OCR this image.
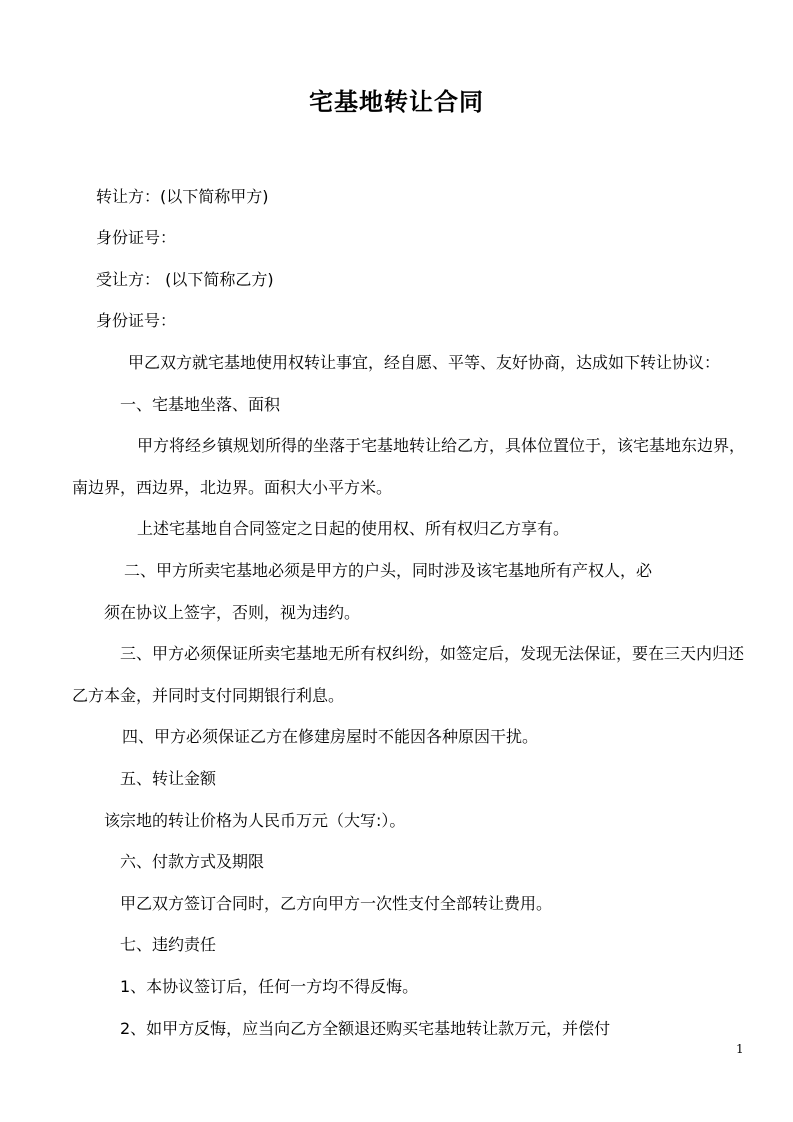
宅基地转让合同
转让方：(以下简称甲方)
身份证号：
受让方： (以下简称乙方)
身份证号：
甲乙双方就宅基地使用权转让事宜，经自愿、平等、友好协商，达成如下转让协议：
一、宅基地坐落、面积
甲方将经乡镇规划所得的坐落于宅基地转让给乙方，具体位置位于，该宅基地东边界，
南边界，西边界，北边界。面积大小平方米。
上述宅基地自合同签定之日起的使用权、所有权归乙方享有。
二、甲方所卖宅基地必须是甲方的户头，同时涉及该宅基地所有产权人，必
须在协议上签字，否则，视为违约。
三、甲方必须保证所卖宅基地无所有权纠纷，如签定后，发现无法保证，要在三天内归还
乙方本金，并同时支付同期银行利息。
四、甲方必须保证乙方在修建房屋时不能因各种原因干扰。
五、转让金额
该宗地的转让价格为人民币万元（大写:）。
六、付款方式及期限
甲乙双方签订合同时，乙方向甲方一次性支付全部转让费用。
七、违约责任
1、本协议签订后，任何一方均不得反悔。
2、如甲方反悔，应当向乙方全额退还购买宅基地转让款万元，并偿付
1
